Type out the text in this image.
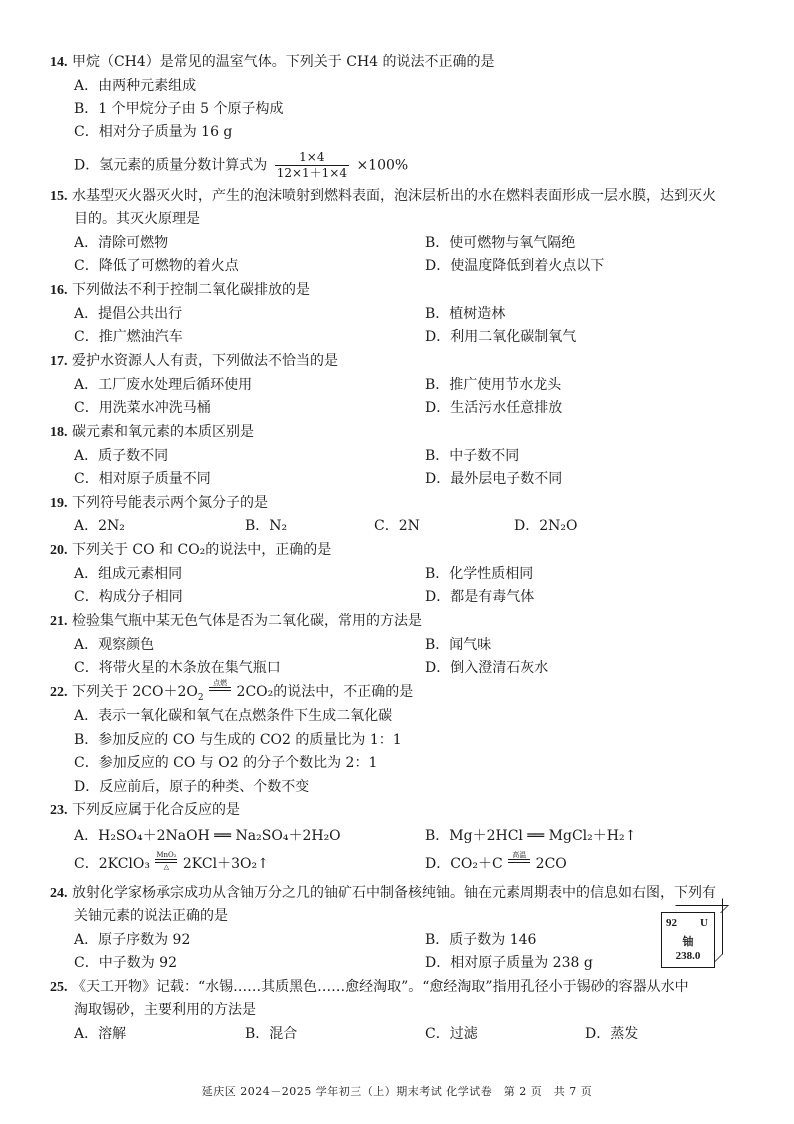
14. 甲烷（CH4）是常见的温室气体。下列关于 CH4 的说法不正确的是
A．由两种元素组成
B．1 个甲烷分子由 5 个原子构成
C．相对分子质量为 16 g
D．氢元素的质量分数计算式为 $\frac{1\times 4}{12\times 1+1\times 4} \times 100\%$
15. 水基型灭火器灭火时，产生的泡沫喷射到燃料表面，泡沫层析出的水在燃料表面形成一层水膜，达到灭火
目的。其灭火原理是
A．清除可燃物	B．使可燃物与氧气隔绝
C．降低了可燃物的着火点	D．使温度降低到着火点以下
16. 下列做法不利于控制二氧化碳排放的是
A．提倡公共出行	B．植树造林
C．推广燃油汽车	D．利用二氧化碳制氧气
17. 爱护水资源人人有责，下列做法不恰当的是
A．工厂废水处理后循环使用	B．推广使用节水龙头
C．用洗菜水冲洗马桶	D．生活污水任意排放
18. 碳元素和氧元素的本质区别是
A．质子数不同	B．中子数不同
C．相对原子质量不同	D．最外层电子数不同
19. 下列符号能表示两个氮分子的是
A．2N₂	B．N₂	C．2N	D．2N₂O
20. 下列关于 CO 和 CO₂的说法中，正确的是
A．组成元素相同	B．化学性质相同
C．构成分子相同	D．都是有毒气体
21. 检验集气瓶中某无色气体是否为二氧化碳，常用的方法是
A．观察颜色	B．闻气味
C．将带火星的木条放在集气瓶口	D．倒入澄清石灰水
22. 下列关于 $2CO+2O_2$
点燃

2CO₂的说法中，不正确的是
A．表示一氧化碳和氧气在点燃条件下生成二氧化碳
B．参加反应的 CO 与生成的 CO2 的质量比为 1：1
C．参加反应的 CO 与 O2 的分子个数比为 2：1
D．反应前后，原子的种类、个数不变
23. 下列反应属于化合反应的是
A．H₂SO₄＋2NaOH ══ Na₂SO₄＋2H₂O	B．Mg＋2HCl ══ MgCl₂＋H₂↑
C．2KClO₃
MnO₂
△ 2KCl＋3O₂↑	D．CO₂＋C
高温

2CO
24. 放射化学家杨承宗成功从含铀万分之几的铀矿石中制备核纯铀。铀在元素周期表中的信息如右图，下列有
关铀元素的说法正确的是
A．原子序数为 92	B．质子数为 146
C．中子数为 92	D．相对原子质量为 238 g
92 U
铀
238.0
25. 《天工开物》记载：“水锡……其质黑色……愈经淘取”。“愈经淘取”指用孔径小于锡砂的容器从水中
淘取锡砂，主要利用的方法是
A．溶解	B．混合	C．过滤	D．蒸发
延庆区 2024－2025 学年初三（上）期末考试 化学试卷　第 2 页　共 7 页
